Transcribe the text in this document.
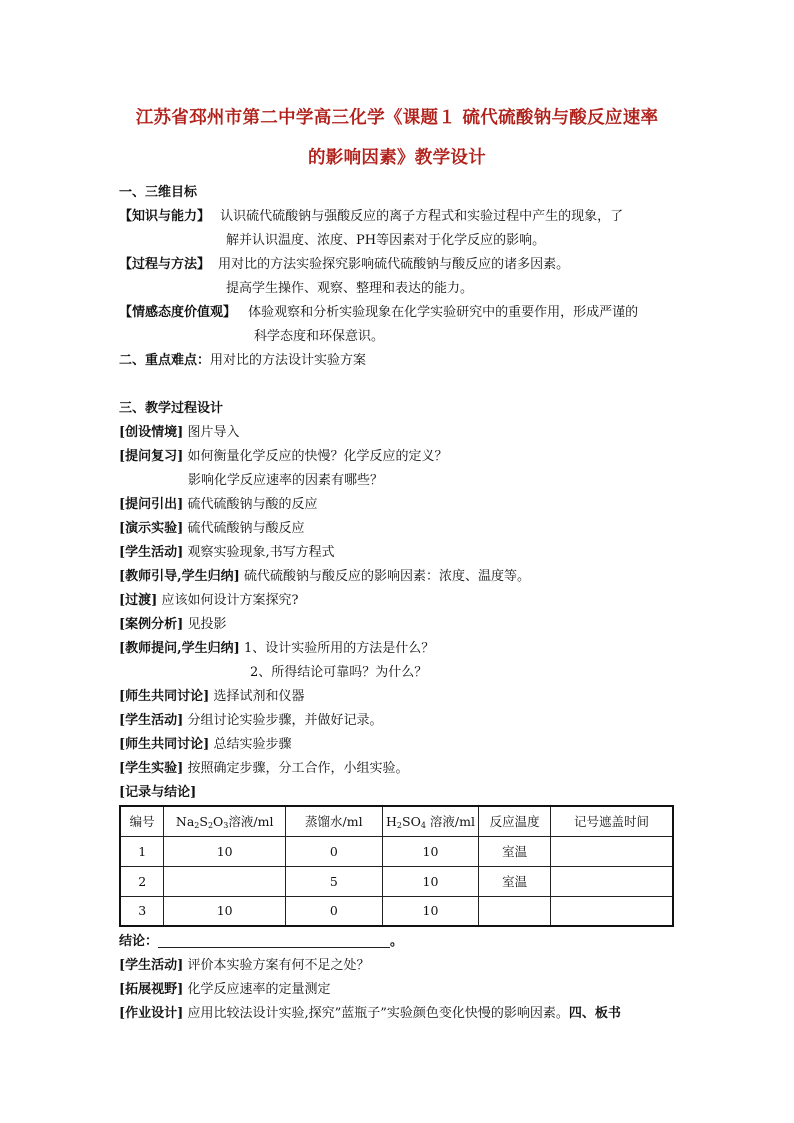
江苏省邳州市第二中学高三化学《课题１ 硫代硫酸钠与酸反应速率
的影响因素》教学设计
一、三维目标
【知识与能力】 认识硫代硫酸钠与强酸反应的离子方程式和实验过程中产生的现象，了
解并认识温度、浓度、PH等因素对于化学反应的影响。
【过程与方法】 用对比的方法实验探究影响硫代硫酸钠与酸反应的诸多因素。
提高学生操作、观察、整理和表达的能力。
【情感态度价值观】 体验观察和分析实验现象在化学实验研究中的重要作用，形成严谨的
科学态度和环保意识。
二、重点难点：用对比的方法设计实验方案
三、教学过程设计
[创设情境] 图片导入
[提问复习] 如何衡量化学反应的快慢？化学反应的定义？
影响化学反应速率的因素有哪些？
[提问引出] 硫代硫酸钠与酸的反应
[演示实验] 硫代硫酸钠与酸反应
[学生活动] 观察实验现象,书写方程式
[教师引导,学生归纳] 硫代硫酸钠与酸反应的影响因素：浓度、温度等。
[过渡] 应该如何设计方案探究?
[案例分析] 见投影
[教师提问,学生归纳] 1、设计实验所用的方法是什么？
2、所得结论可靠吗？为什么？
[师生共同讨论] 选择试剂和仪器
[学生活动] 分组讨论实验步骤，并做好记录。
[师生共同讨论] 总结实验步骤
[学生实验] 按照确定步骤，分工合作，小组实验。
[记录与结论]
编号	$Na_2S_2O_3$溶液/ml	蒸馏水/ml	$H_2SO_4$ 溶液/ml	反应温度	记号遮盖时间
1	10	0	10	室温	
2		5	10	室温	
3	10	0	10		
结论：	。
[学生活动] 评价本实验方案有何不足之处？
[拓展视野] 化学反应速率的定量测定
[作业设计] 应用比较法设计实验,探究”蓝瓶子”实验颜色变化快慢的影响因素。四、板书
